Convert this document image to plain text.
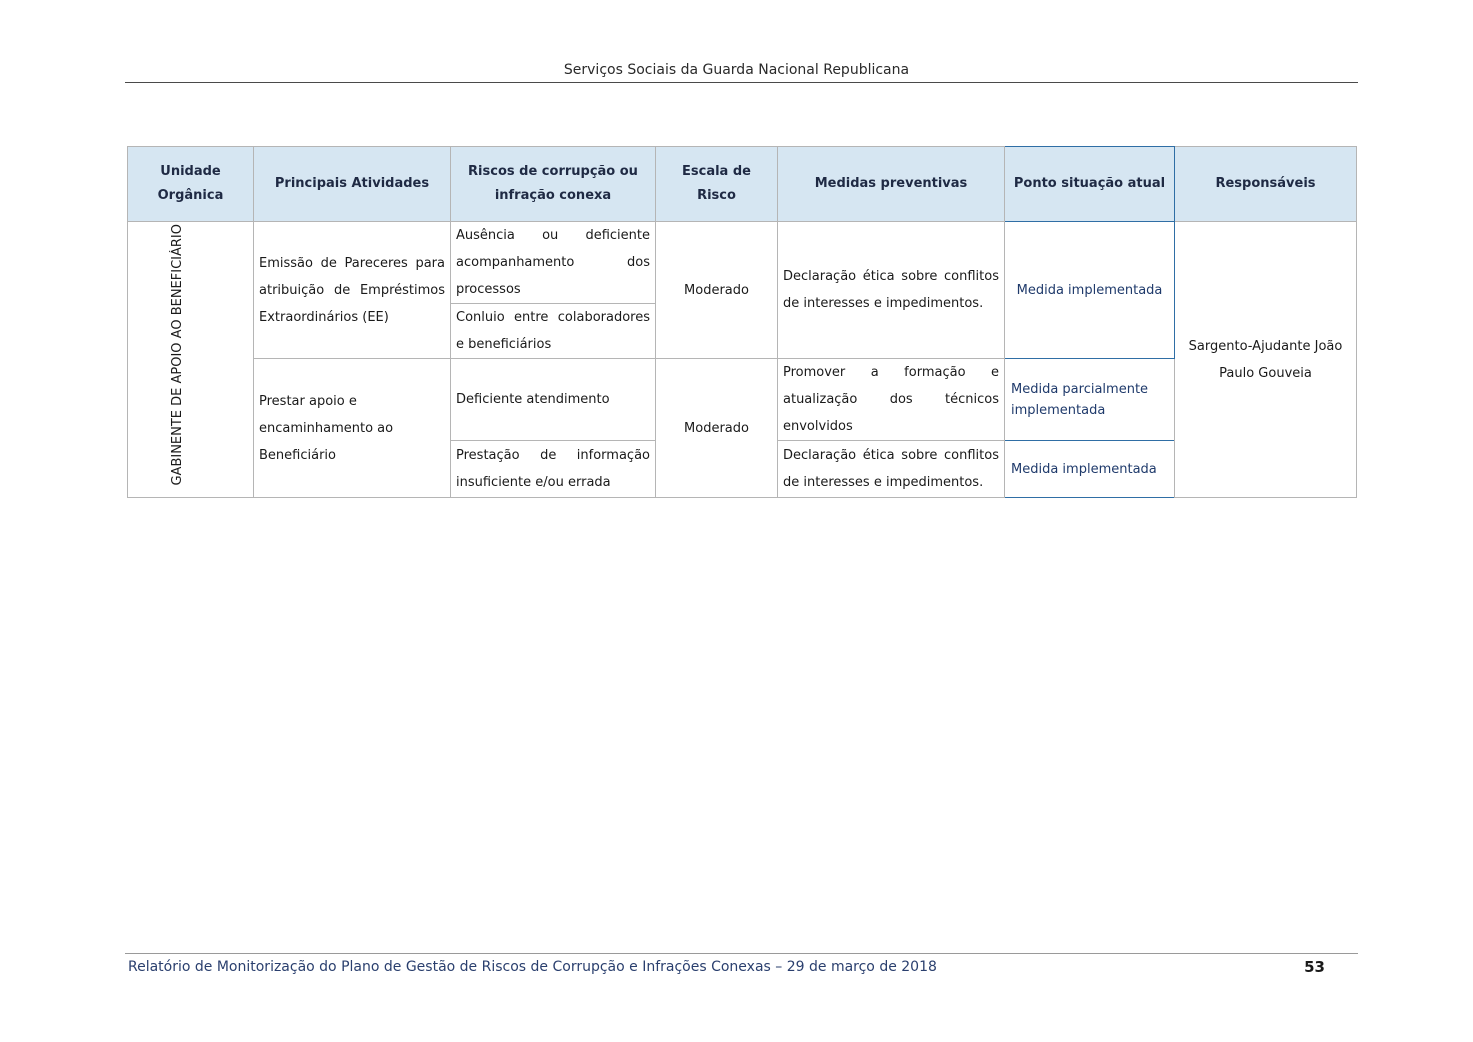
Serviços Sociais da Guarda Nacional Republicana
Unidade Orgânica	Principais Atividades	Riscos de corrupção ou infração conexa	Escala de Risco	Medidas preventivas	Ponto situação atual	Responsáveis
GABINENTE DE APOIO AO BENEFICIÁRIO	Emissão de Pareceres para atribuição de Empréstimos Extraordinários (EE)	Ausência ou deficiente acompanhamento dos processos	Moderado	Declaração ética sobre conflitos de interesses e impedimentos.	Medida implementada	Sargento-Ajudante João Paulo Gouveia
		Conluio entre colaboradores e beneficiários				
	Prestar apoio e encaminhamento ao Beneficiário	Deficiente atendimento	Moderado	Promover a formação e atualização dos técnicos envolvidos	Medida parcialmente implementada	

		Prestação de informação insuficiente e/ou errada		Declaração ética sobre conflitos de interesses e impedimentos.	Medida implementada	
Relatório de Monitorização do Plano de Gestão de Riscos de Corrupção e Infrações Conexas – 29 de março de 2018	53
